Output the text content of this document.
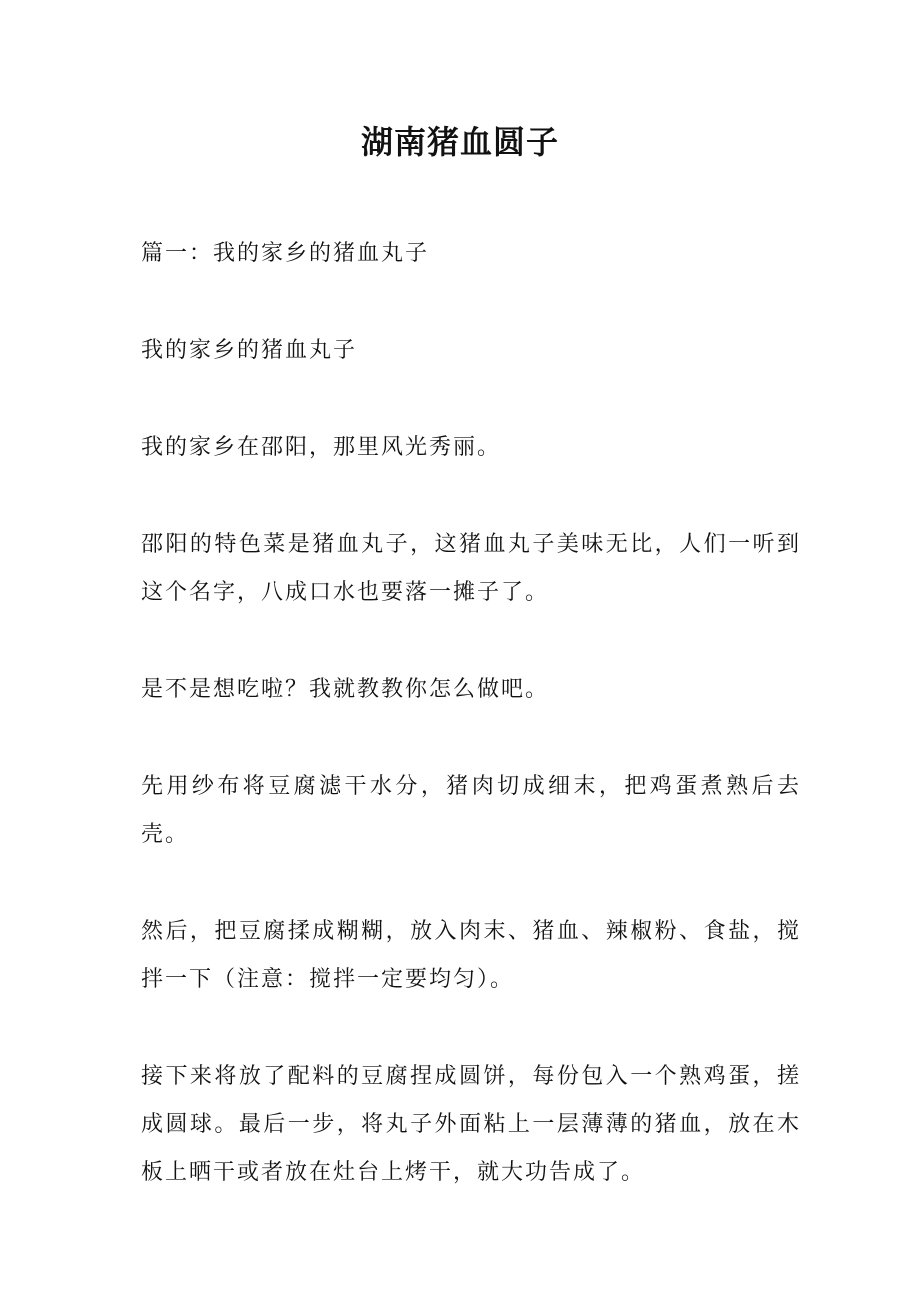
湖南猪血圆子

篇一：我的家乡的猪血丸子

我的家乡的猪血丸子

我的家乡在邵阳，那里风光秀丽。

邵阳的特色菜是猪血丸子，这猪血丸子美味无比，人们一听到这个名字，八成口水也要落一摊子了。

是不是想吃啦？我就教教你怎么做吧。

先用纱布将豆腐滤干水分，猪肉切成细末，把鸡蛋煮熟后去壳。

然后，把豆腐揉成糊糊，放入肉末、猪血、辣椒粉、食盐，搅拌一下（注意：搅拌一定要均匀）。

接下来将放了配料的豆腐捏成圆饼，每份包入一个熟鸡蛋，搓成圆球。最后一步，将丸子外面粘上一层薄薄的猪血，放在木板上晒干或者放在灶台上烤干，就大功告成了。
